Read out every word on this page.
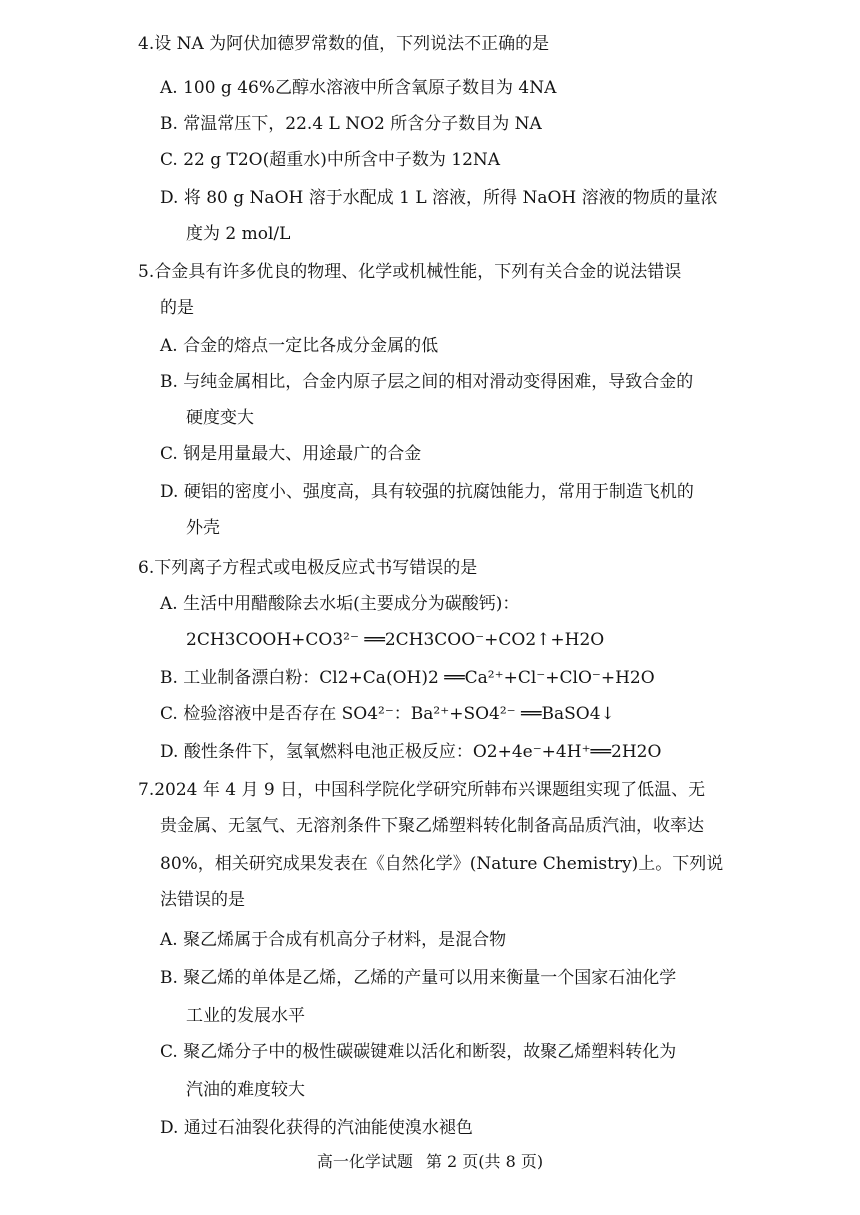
4.设 NA 为阿伏加德罗常数的值，下列说法不正确的是
A. 100 g 46%乙醇水溶液中所含氧原子数目为 4NA
B. 常温常压下，22.4 L NO2 所含分子数目为 NA
C. 22 g T2O(超重水)中所含中子数为 12NA
D. 将 80 g NaOH 溶于水配成 1 L 溶液，所得 NaOH 溶液的物质的量浓
度为 2 mol/L
5.合金具有许多优良的物理、化学或机械性能，下列有关合金的说法错误
的是
A. 合金的熔点一定比各成分金属的低
B. 与纯金属相比，合金内原子层之间的相对滑动变得困难，导致合金的
硬度变大
C. 钢是用量最大、用途最广的合金
D. 硬铝的密度小、强度高，具有较强的抗腐蚀能力，常用于制造飞机的
外壳
6.下列离子方程式或电极反应式书写错误的是
A. 生活中用醋酸除去水垢(主要成分为碳酸钙)：
2CH3COOH+CO3²⁻ ══2CH3COO⁻+CO2↑+H2O
B. 工业制备漂白粉：Cl2+Ca(OH)2 ══Ca²⁺+Cl⁻+ClO⁻+H2O
C. 检验溶液中是否存在 SO4²⁻：Ba²⁺+SO4²⁻ ══BaSO4↓
D. 酸性条件下，氢氧燃料电池正极反应：O2+4e⁻+4H⁺══2H2O
7.2024 年 4 月 9 日，中国科学院化学研究所韩布兴课题组实现了低温、无
贵金属、无氢气、无溶剂条件下聚乙烯塑料转化制备高品质汽油，收率达
80%，相关研究成果发表在《自然化学》(Nature Chemistry)上。下列说
法错误的是
A. 聚乙烯属于合成有机高分子材料，是混合物
B. 聚乙烯的单体是乙烯，乙烯的产量可以用来衡量一个国家石油化学
工业的发展水平
C. 聚乙烯分子中的极性碳碳键难以活化和断裂，故聚乙烯塑料转化为
汽油的难度较大
D. 通过石油裂化获得的汽油能使溴水褪色
高一化学试题 第 2 页(共 8 页)
